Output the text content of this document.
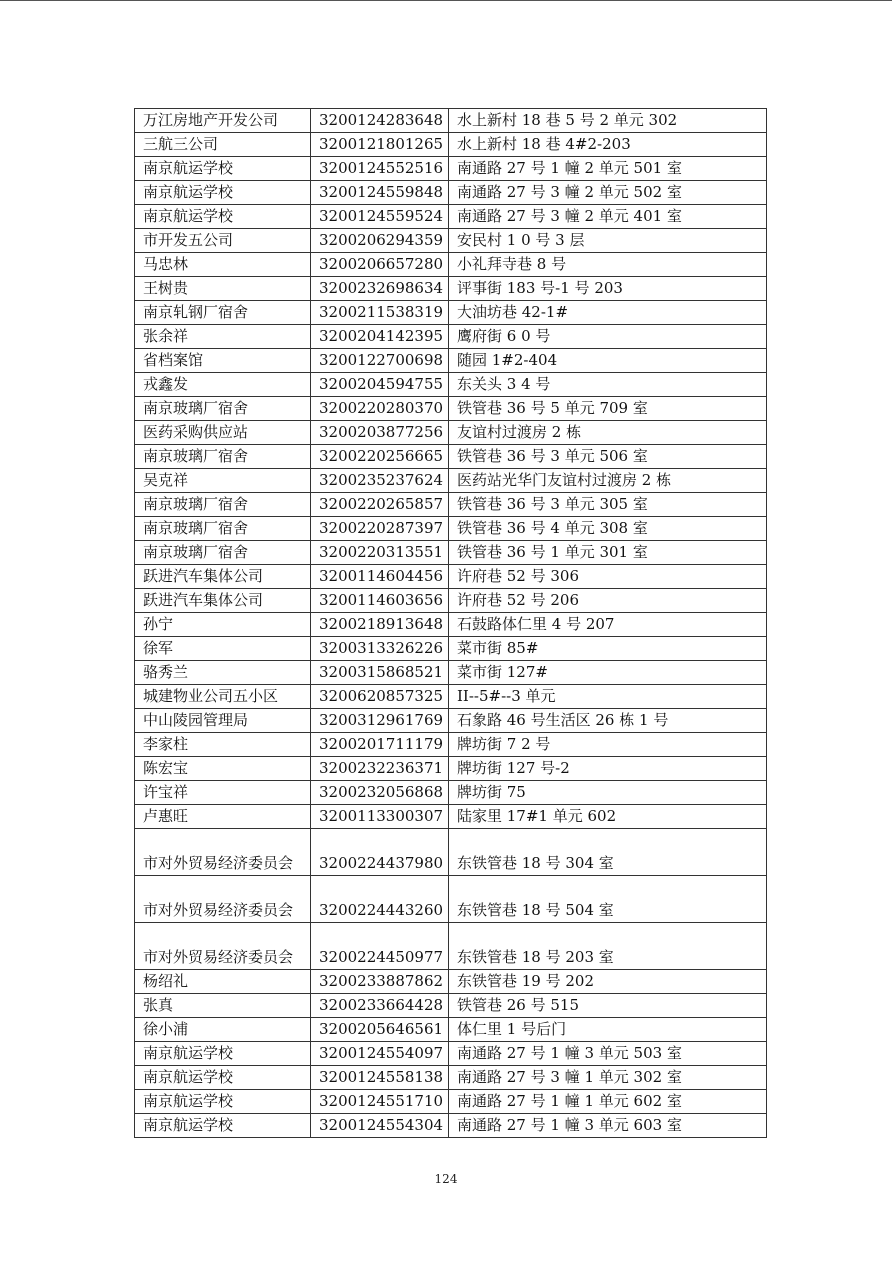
万江房地产开发公司	3200124283648	水上新村 18 巷 5 号 2 单元 302
三航三公司	3200121801265	水上新村 18 巷 4#2-203
南京航运学校	3200124552516	南通路 27 号 1 幢 2 单元 501 室
南京航运学校	3200124559848	南通路 27 号 3 幢 2 单元 502 室
南京航运学校	3200124559524	南通路 27 号 3 幢 2 单元 401 室
市开发五公司	3200206294359	安民村 1 0 号 3 层
马忠林	3200206657280	小礼拜寺巷 8 号
王树贵	3200232698634	评事街 183 号-1 号 203
南京轧钢厂宿舍	3200211538319	大油坊巷 42-1#
张余祥	3200204142395	鹰府街 6 0 号
省档案馆	3200122700698	随园 1#2-404
戎鑫发	3200204594755	东关头 3 4 号
南京玻璃厂宿舍	3200220280370	铁管巷 36 号 5 单元 709 室
医药采购供应站	3200203877256	友谊村过渡房 2 栋
南京玻璃厂宿舍	3200220256665	铁管巷 36 号 3 单元 506 室
吴克祥	3200235237624	医药站光华门友谊村过渡房 2 栋
南京玻璃厂宿舍	3200220265857	铁管巷 36 号 3 单元 305 室
南京玻璃厂宿舍	3200220287397	铁管巷 36 号 4 单元 308 室
南京玻璃厂宿舍	3200220313551	铁管巷 36 号 1 单元 301 室
跃进汽车集体公司	3200114604456	许府巷 52 号 306
跃进汽车集体公司	3200114603656	许府巷 52 号 206
孙宁	3200218913648	石鼓路体仁里 4 号 207
徐军	3200313326226	菜市街 85#
骆秀兰	3200315868521	菜市街 127#
城建物业公司五小区	3200620857325	II--5#--3 单元
中山陵园管理局	3200312961769	石象路 46 号生活区 26 栋 1 号
李家柱	3200201711179	牌坊街 7 2 号
陈宏宝	3200232236371	牌坊街 127 号-2
许宝祥	3200232056868	牌坊街 75
卢惠旺	3200113300307	陆家里 17#1 单元 602
市对外贸易经济委员会	3200224437980	东铁管巷 18 号 304 室
市对外贸易经济委员会	3200224443260	东铁管巷 18 号 504 室
市对外贸易经济委员会	3200224450977	东铁管巷 18 号 203 室
杨绍礼	3200233887862	东铁管巷 19 号 202
张真	3200233664428	铁管巷 26 号 515
徐小浦	3200205646561	体仁里 1 号后门
南京航运学校	3200124554097	南通路 27 号 1 幢 3 单元 503 室
南京航运学校	3200124558138	南通路 27 号 3 幢 1 单元 302 室
南京航运学校	3200124551710	南通路 27 号 1 幢 1 单元 602 室
南京航运学校	3200124554304	南通路 27 号 1 幢 3 单元 603 室
124
